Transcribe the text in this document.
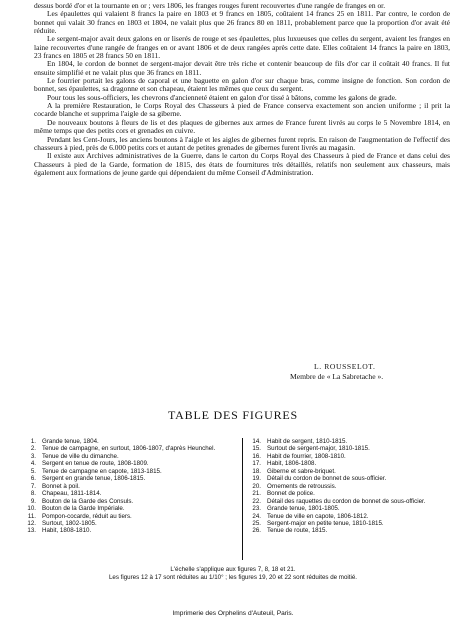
dessus bordé d'or et la tournante en or ; vers 1806, les franges rouges furent recouvertes d'une rangée de franges en or.

Les épaulettes qui valaient 8 francs la paire en 1803 et 9 francs en 1805, coûtaient 14 francs 25 en 1811. Par contre, le cordon de bonnet qui valait 30 francs en 1803 et 1804, ne valait plus que 26 francs 80 en 1811, probablement parce que la proportion d'or avait été réduite.

Le sergent-major avait deux galons en or liserés de rouge et ses épaulettes, plus luxueuses que celles du sergent, avaient les franges en laine recouvertes d'une rangée de franges en or avant 1806 et de deux rangées après cette date. Elles coûtaient 14 francs la paire en 1803, 23 francs en 1805 et 28 francs 50 en 1811.

En 1804, le cordon de bonnet de sergent-major devait être très riche et contenir beaucoup de fils d'or car il coûtait 40 francs. Il fut ensuite simplifié et ne valait plus que 36 francs en 1811.

Le fourrier portait les galons de caporal et une baguette en galon d'or sur chaque bras, comme insigne de fonction. Son cordon de bonnet, ses épaulettes, sa dragonne et son chapeau, étaient les mêmes que ceux du sergent.

Pour tous les sous-officiers, les chevrons d'ancienneté étaient en galon d'or tissé à bâtons, comme les galons de grade.

A la première Restauration, le Corps Royal des Chasseurs à pied de France conserva exactement son ancien uniforme ; il prit la cocarde blanche et supprima l'aigle de sa giberne.

De nouveaux boutons à fleurs de lis et des plaques de gibernes aux armes de France furent livrés au corps le 5 Novembre 1814, en même temps que des petits cors et grenades en cuivre.

Pendant les Cent-Jours, les anciens boutons à l'aigle et les aigles de gibernes furent repris. En raison de l'augmentation de l'effectif des chasseurs à pied, près de 6.000 petits cors et autant de petites grenades de gibernes furent livrés au magasin.

Il existe aux Archives administratives de la Guerre, dans le carton du Corps Royal des Chasseurs à pied de France et dans celui des Chasseurs à pied de la Garde, formation de 1815, des états de fournitures très détaillés, relatifs non seulement aux chasseurs, mais également aux formations de jeune garde qui dépendaient du même Conseil d'Administration.

L. ROUSSELOT.
Membre de « La Sabretache ».
TABLE DES FIGURES
1. Grande tenue, 1804.
2. Tenue de campagne, en surtout, 1806-1807, d'après Heunchel.
3. Tenue de ville du dimanche.
4. Sergent en tenue de route, 1808-1809.
5. Tenue de campagne en capote, 1813-1815.
6. Sergent en grande tenue, 1806-1815.
7. Bonnet à poil.
8. Chapeau, 1811-1814.
9. Bouton de la Garde des Consuls.
10. Bouton de la Garde Impériale.
11. Pompon-cocarde, réduit au tiers.
12. Surtout, 1802-1805.
13. Habit, 1808-1810.
14. Habit de sergent, 1810-1815.
15. Surtout de sergent-major, 1810-1815.
16. Habit de fourrier, 1808-1810.
17. Habit, 1806-1808.
18. Giberne et sabre-briquet.
19. Détail du cordon de bonnet de sous-officier.
20. Ornements de retroussis.
21. Bonnet de police.
22. Détail des raquettes du cordon de bonnet de sous-officier.
23. Grande tenue, 1801-1805.
24. Tenue de ville en capote, 1806-1812.
25. Sergent-major en petite tenue, 1810-1815.
26. Tenue de route, 1815.
L'échelle s'applique aux figures 7, 8, 18 et 21.
Les figures 12 à 17 sont réduites au 1/10° ; les figures 19, 20 et 22 sont réduites de moitié.
Imprimerie des Orphelins d'Auteuil, Paris.
